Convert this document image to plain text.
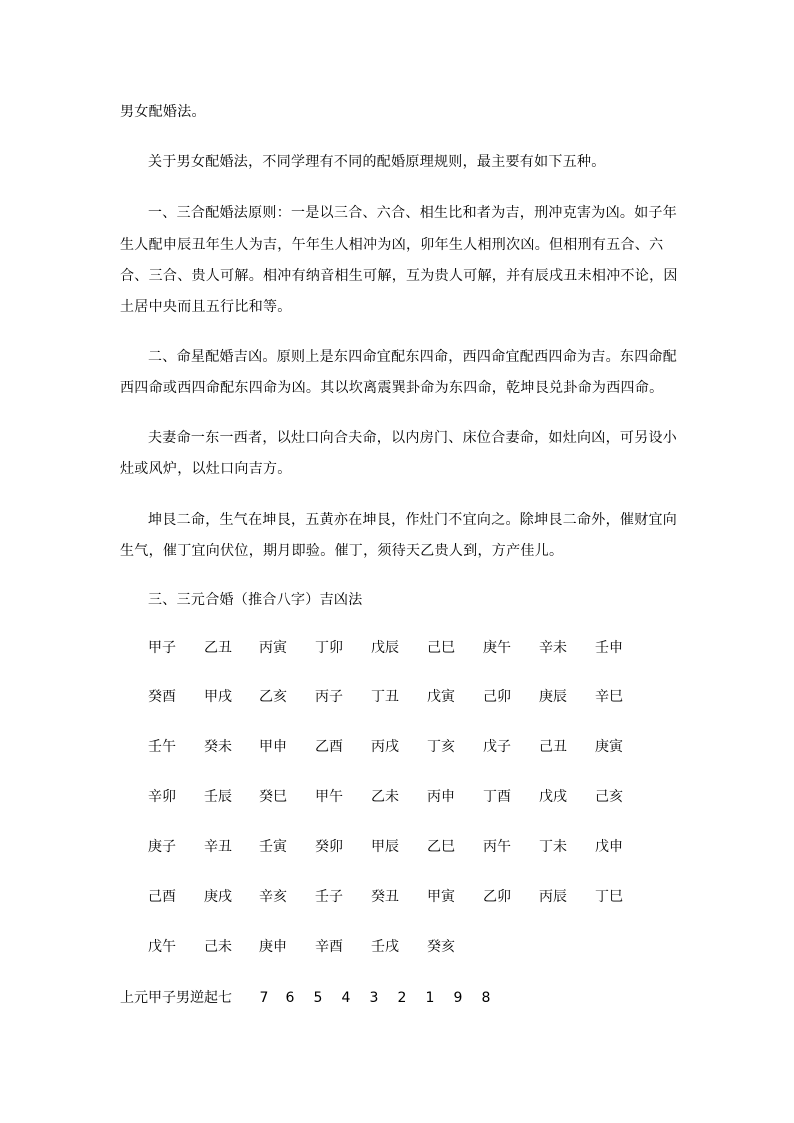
男女配婚法。
关于男女配婚法，不同学理有不同的配婚原理规则，最主要有如下五种。
一、三合配婚法原则：一是以三合、六合、相生比和者为吉，刑冲克害为凶。如子年
生人配申辰丑年生人为吉，午年生人相冲为凶，卯年生人相刑次凶。但相刑有五合、六
合、三合、贵人可解。相冲有纳音相生可解，互为贵人可解，并有辰戌丑未相冲不论，因
土居中央而且五行比和等。
二、命星配婚吉凶。原则上是东四命宜配东四命，西四命宜配西四命为吉。东四命配
西四命或西四命配东四命为凶。其以坎离震巽卦命为东四命，乾坤艮兑卦命为西四命。
夫妻命一东一西者，以灶口向合夫命，以内房门、床位合妻命，如灶向凶，可另设小
灶或风炉，以灶口向吉方。
坤艮二命，生气在坤艮，五黄亦在坤艮，作灶门不宜向之。除坤艮二命外，催财宜向
生气，催丁宜向伏位，期月即验。催丁，须待天乙贵人到，方产佳儿。
三、三元合婚（推合八字）吉凶法
甲子 乙丑 丙寅 丁卯 戊辰 己巳 庚午 辛未 壬申
癸酉 甲戌 乙亥 丙子 丁丑 戊寅 己卯 庚辰 辛巳
壬午 癸未 甲申 乙酉 丙戌 丁亥 戊子 己丑 庚寅
辛卯 壬辰 癸巳 甲午 乙未 丙申 丁酉 戊戌 己亥
庚子 辛丑 壬寅 癸卯 甲辰 乙巳 丙午 丁未 戊申
己酉 庚戌 辛亥 壬子 癸丑 甲寅 乙卯 丙辰 丁巳
戊午 己未 庚申 辛酉 壬戌 癸亥
上元甲子男逆起七 7 6 5 4 3 2 1 9 8
